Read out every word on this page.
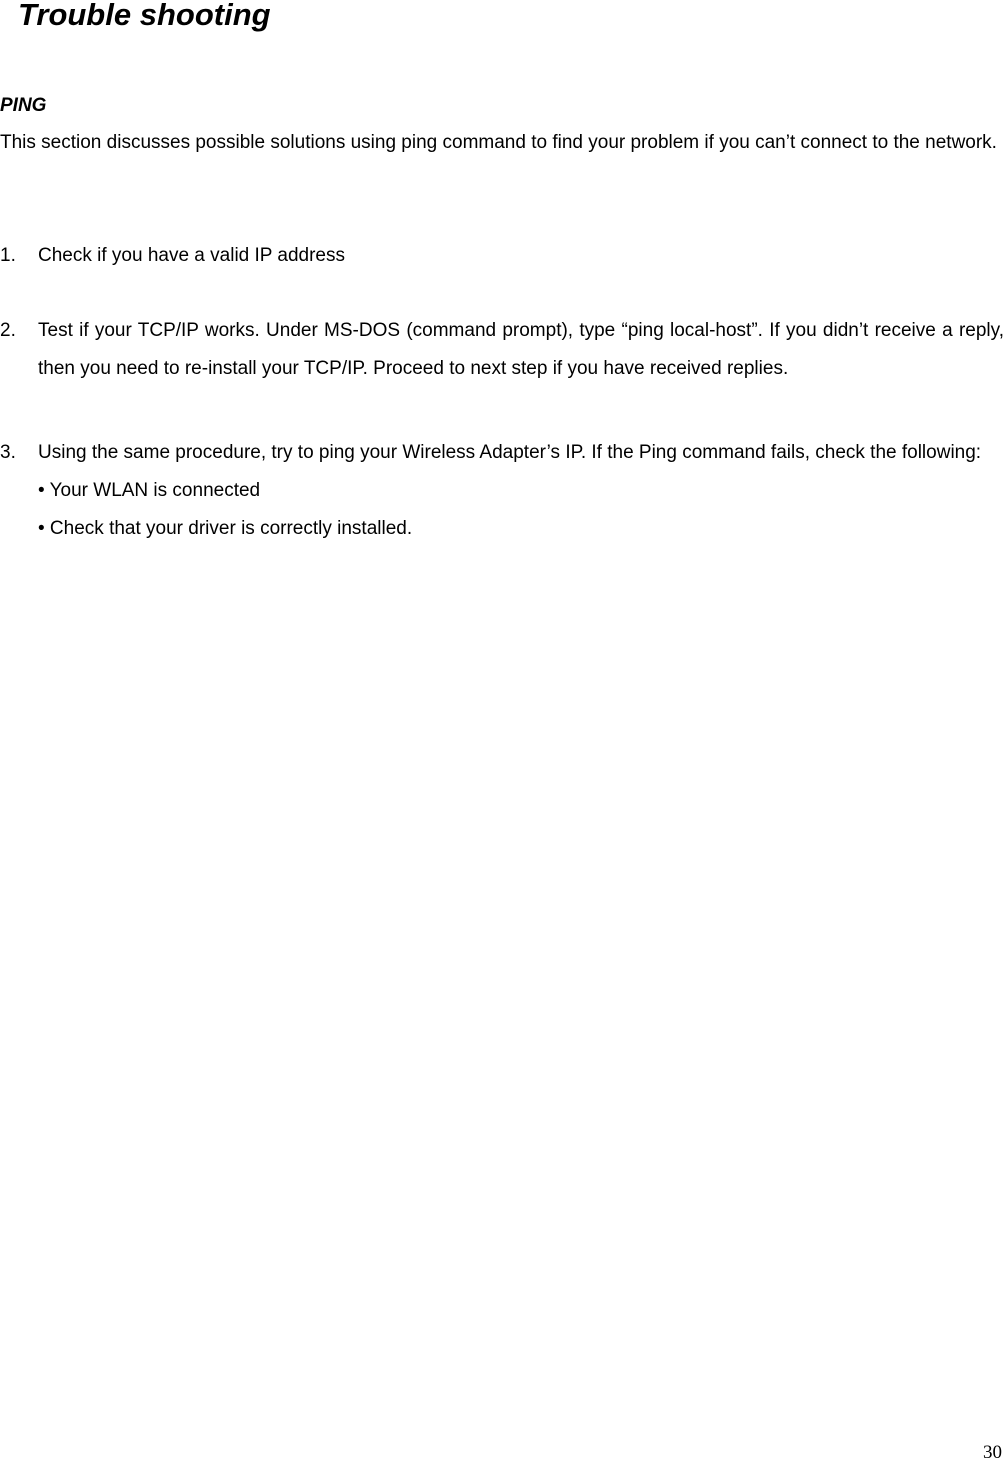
Trouble shooting
PING

This section discusses possible solutions using ping command to find your problem if you can’t connect to the network.

1. Check if you have a valid IP address
2. Test if your TCP/IP works. Under MS-DOS (command prompt), type “ping local-host”. If you didn’t receive a reply, then you need to re-install your TCP/IP. Proceed to next step if you have received replies.
3. Using the same procedure, try to ping your Wireless Adapter’s IP. If the Ping command fails, check the following:
• Your WLAN is connected
• Check that your driver is correctly installed.
30
